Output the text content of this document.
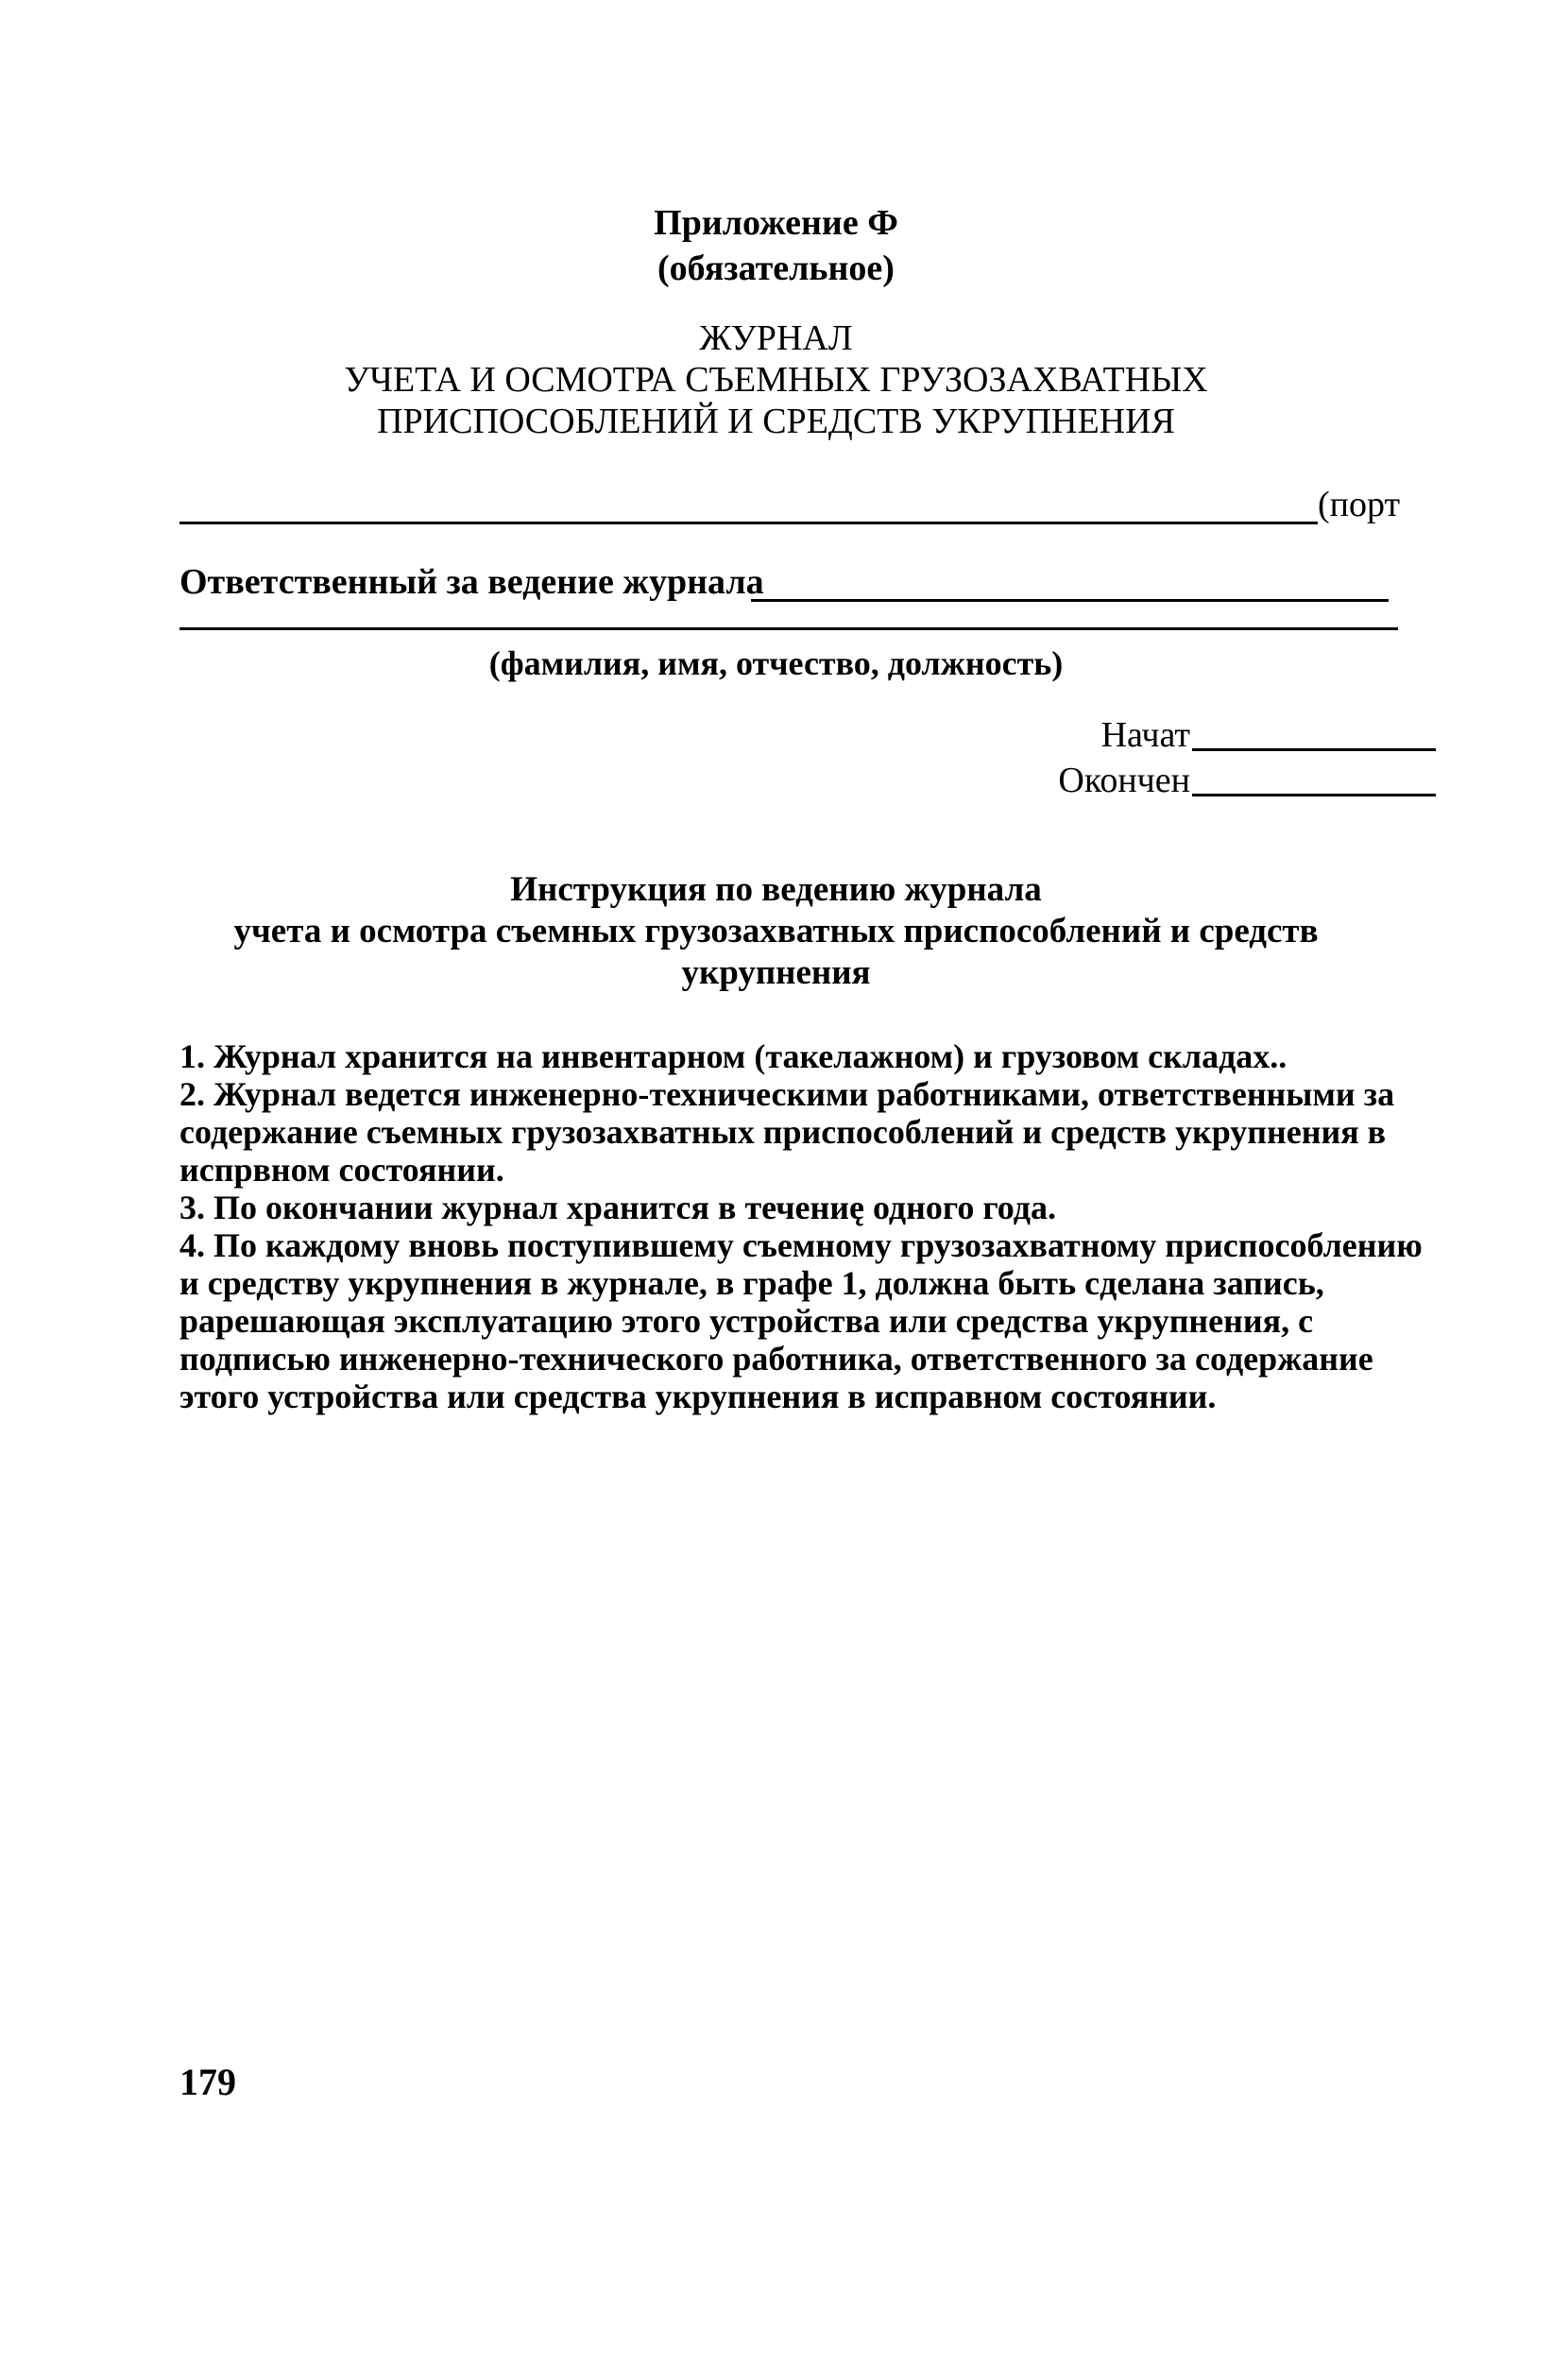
Приложение Ф
(обязательное)
ЖУРНАЛ
УЧЕТА И ОСМОТРА СЪЕМНЫХ ГРУЗОЗАХВАТНЫХ
ПРИСПОСОБЛЕНИЙ И СРЕДСТВ УКРУПНЕНИЯ
(порт
Ответственный за ведение журнала
(фамилия, имя, отчество, должность)
Начат
Окончен
Инструкция по ведению журнала
учета и осмотра съемных грузозахватных приспособлений и средств
укрупнения

1. Журнал хранится на инвентарном (такелажном) и грузовом складах..

2. Журнал ведется инженерно-техническими работниками, ответственными за содержание съемных грузозахватных приспособлений и средств укрупнения в испрвном состоянии.

3. По окончании журнал хранится в течениę одного года.

4. По каждому вновь поступившему съемному грузозахватному приспособлению и средству укрупнения в журнале, в графе 1, должна быть сделана запись, рарешающая эксплуатацию этого устройства или средства укрупнения, с подписью инженерно-технического работника, ответственного за содержание этого устройства или средства укрупнения в исправном состоянии.

179
